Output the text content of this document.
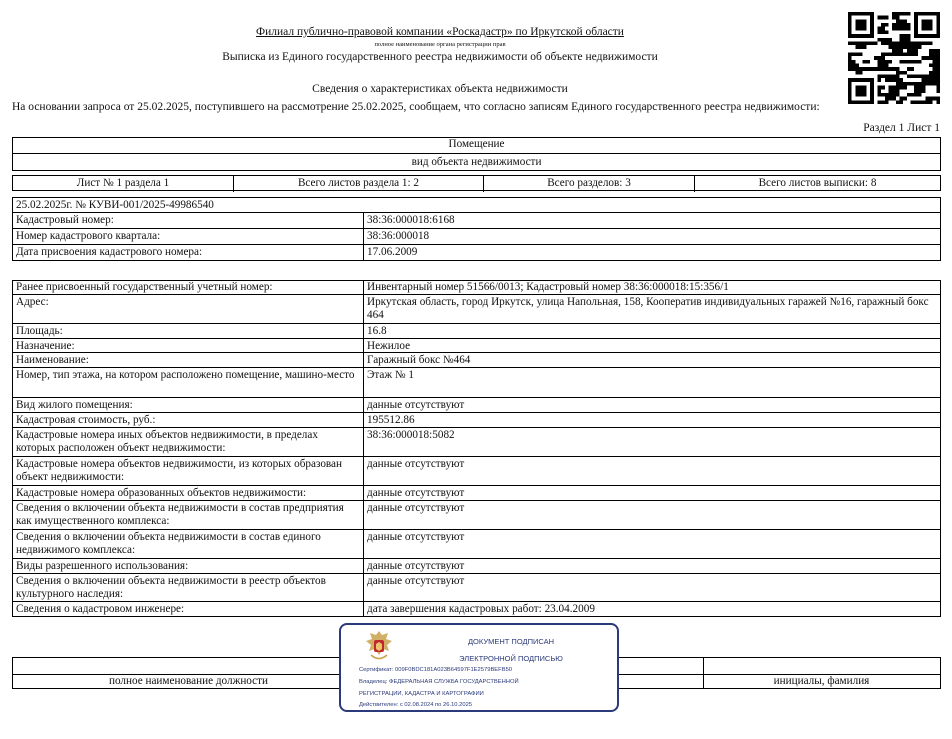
Филиал публично-правовой компании «Роскадастр» по Иркутской области
полное наименование органа регистрации прав
Выписка из Единого государственного реестра недвижимости об объекте недвижимости
Сведения о характеристиках объекта недвижимости
На основании запроса от 25.02.2025, поступившего на рассмотрение 25.02.2025, сообщаем, что согласно записям Единого государственного реестра недвижимости:
Раздел 1 Лист 1
Помещение
вид объекта недвижимости
Лист № 1 раздела 1	Всего листов раздела 1: 2	Всего разделов: 3	Всего листов выписки: 8
25.02.2025г. № КУВИ-001/2025-49986540
Кадастровый номер:	38:36:000018:6168
Номер кадастрового квартала:	38:36:000018
Дата присвоения кадастрового номера:	17.06.2009
Ранее присвоенный государственный учетный номер:	Инвентарный номер 51566/0013; Кадастровый номер 38:36:000018:15:356/1
Адрес:	Иркутская область, город Иркутск, улица Напольная, 158, Кооператив индивидуальных гаражей №16, гаражный бокс 464
Площадь:	16.8
Назначение:	Нежилое
Наименование:	Гаражный бокс №464
Номер, тип этажа, на котором расположено помещение, машино-место	Этаж № 1
Вид жилого помещения:	данные отсутствуют
Кадастровая стоимость, руб.:	195512.86
Кадастровые номера иных объектов недвижимости, в пределах которых расположен объект недвижимости:
38:36:000018:5082
Кадастровые номера объектов недвижимости, из которых образован объект недвижимости:
данные отсутствуют
Кадастровые номера образованных объектов недвижимости:	данные отсутствуют
Сведения о включении объекта недвижимости в состав предприятия как имущественного комплекса:
данные отсутствуют
Сведения о включении объекта недвижимости в состав единого недвижимого комплекса:
данные отсутствуют
Виды разрешенного использования:	данные отсутствуют
Сведения о включении объекта недвижимости в реестр объектов культурного наследия:
данные отсутствуют
Сведения о кадастровом инженере:	дата завершения кадастровых работ: 23.04.2009
полное наименование должности	инициалы, фамилия
ДОКУМЕНТ ПОДПИСАН
ЭЛЕКТРОННОЙ ПОДПИСЬЮ
Сертификат: 009F0BDC181A023B64597F1E2579BEFB50
Владелец: ФЕДЕРАЛЬНАЯ СЛУЖБА ГОСУДАРСТВЕННОЙ
РЕГИСТРАЦИИ, КАДАСТРА И КАРТОГРАФИИ
Действителен: с 02.08.2024 по 26.10.2025
